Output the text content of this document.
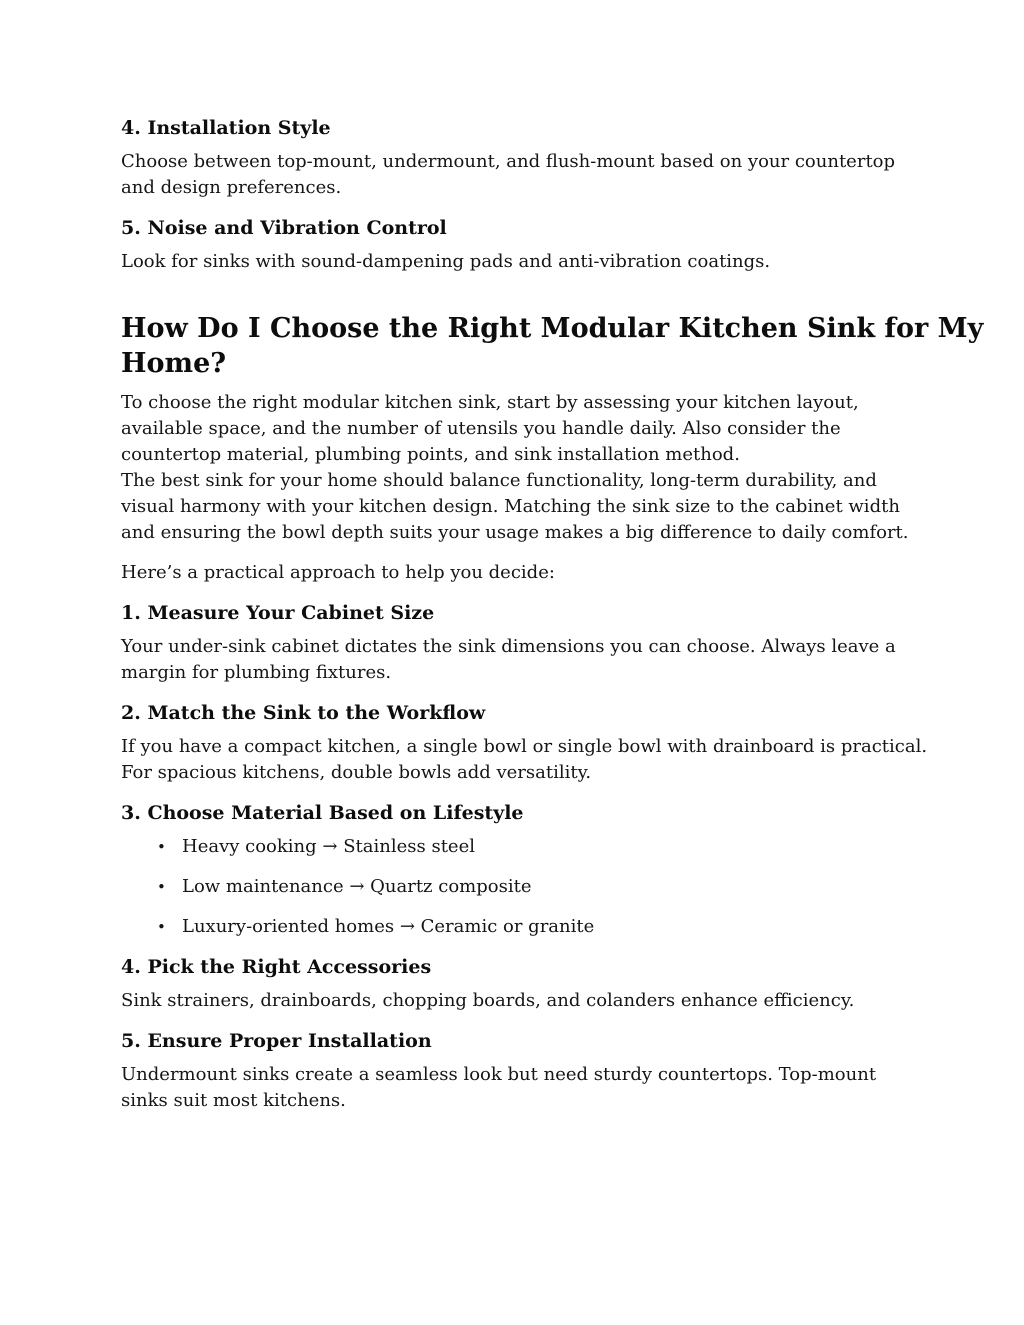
4. Installation Style
Choose between top-mount, undermount, and flush-mount based on your countertop
and design preferences.
5. Noise and Vibration Control
Look for sinks with sound-dampening pads and anti-vibration coatings.
How Do I Choose the Right Modular Kitchen Sink for My
Home?
To choose the right modular kitchen sink, start by assessing your kitchen layout,
available space, and the number of utensils you handle daily. Also consider the
countertop material, plumbing points, and sink installation method.
The best sink for your home should balance functionality, long-term durability, and
visual harmony with your kitchen design. Matching the sink size to the cabinet width
and ensuring the bowl depth suits your usage makes a big difference to daily comfort.
Here’s a practical approach to help you decide:
1. Measure Your Cabinet Size
Your under-sink cabinet dictates the sink dimensions you can choose. Always leave a
margin for plumbing fixtures.
2. Match the Sink to the Workflow
If you have a compact kitchen, a single bowl or single bowl with drainboard is practical.
For spacious kitchens, double bowls add versatility.
3. Choose Material Based on Lifestyle
• Heavy cooking → Stainless steel
• Low maintenance → Quartz composite
• Luxury-oriented homes → Ceramic or granite
4. Pick the Right Accessories
Sink strainers, drainboards, chopping boards, and colanders enhance efficiency.
5. Ensure Proper Installation
Undermount sinks create a seamless look but need sturdy countertops. Top-mount
sinks suit most kitchens.
